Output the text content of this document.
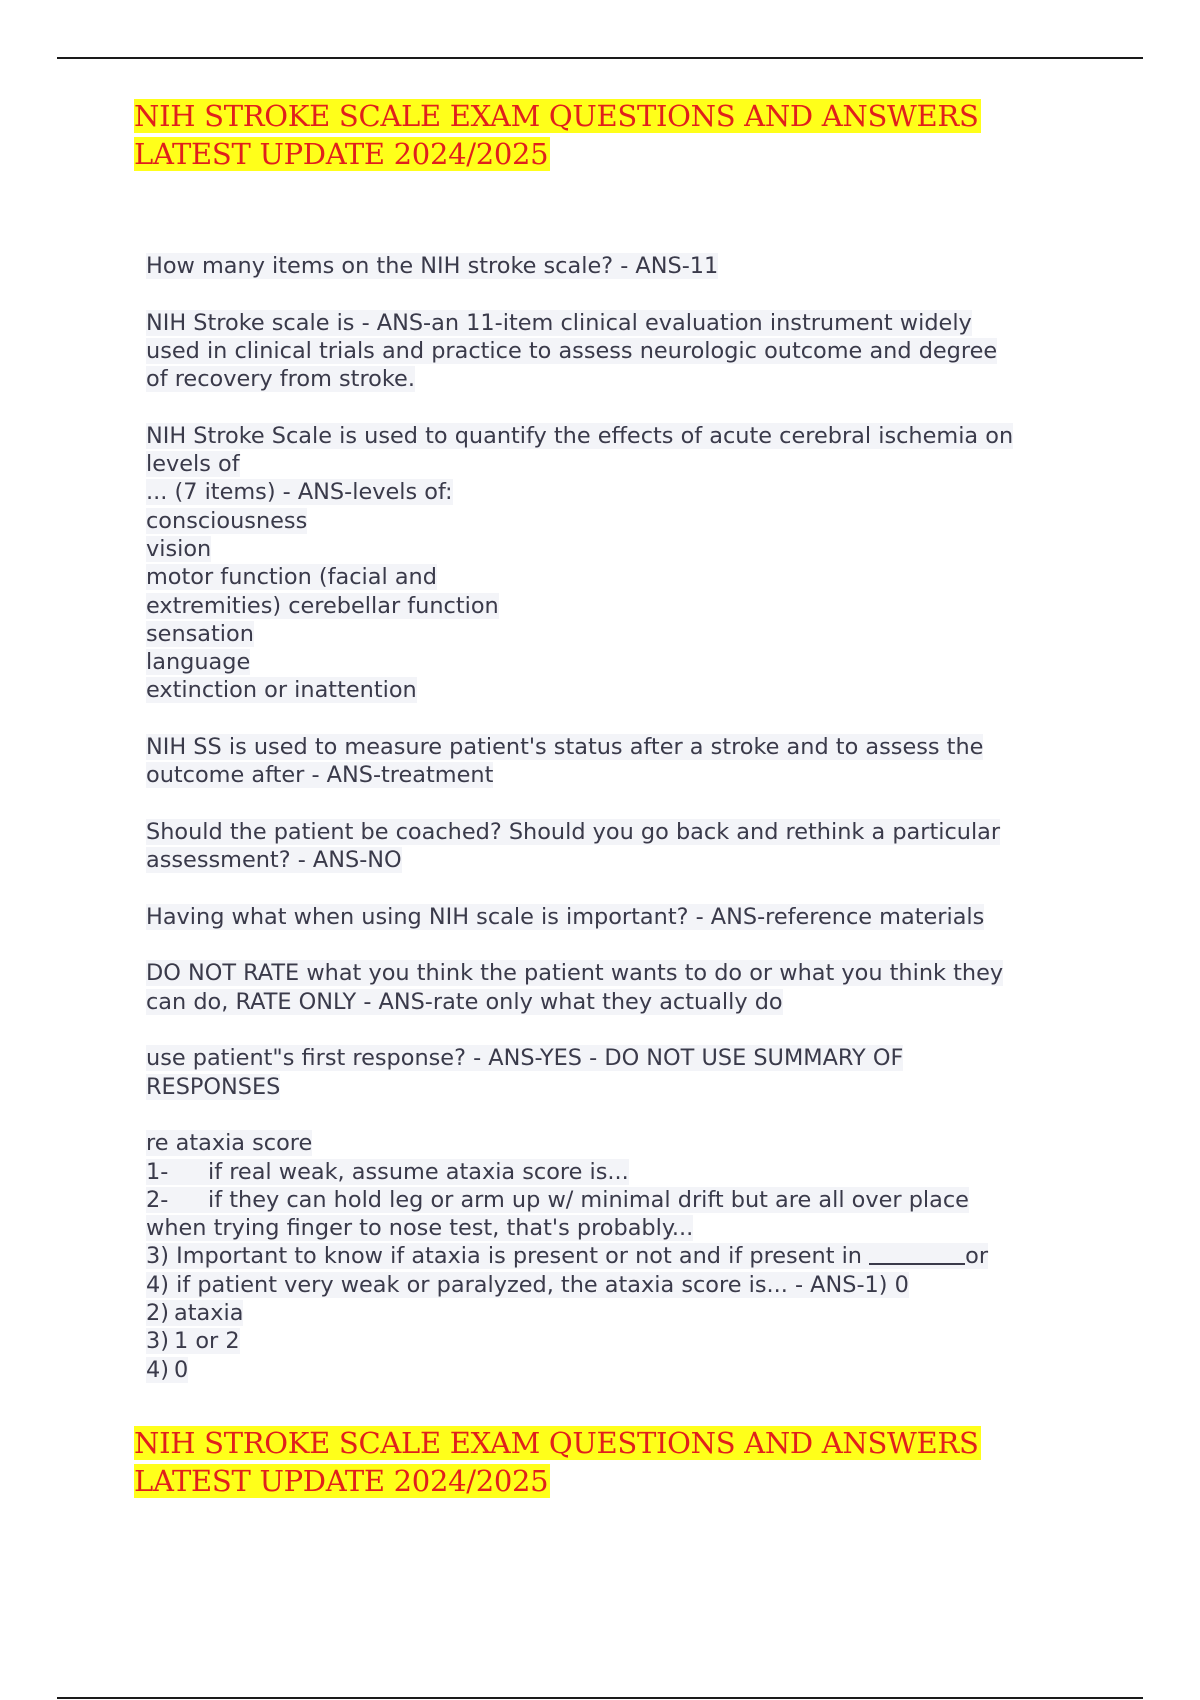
NIH STROKE SCALE EXAM QUESTIONS AND ANSWERS LATEST UPDATE 2024/2025
How many items on the NIH stroke scale? - ANS-11
NIH Stroke scale is - ANS-an 11-item clinical evaluation instrument widely
used in clinical trials and practice to assess neurologic outcome and degree
of recovery from stroke.
NIH Stroke Scale is used to quantify the effects of acute cerebral ischemia on
levels of
... (7 items) - ANS-levels of:
consciousness
vision
motor function (facial and
extremities) cerebellar function
sensation
language
extinction or inattention
NIH SS is used to measure patient's status after a stroke and to assess the
outcome after - ANS-treatment
Should the patient be coached? Should you go back and rethink a particular
assessment? - ANS-NO
Having what when using NIH scale is important? - ANS-reference materials
DO NOT RATE what you think the patient wants to do or what you think they
can do, RATE ONLY - ANS-rate only what they actually do
use patient"s first response? - ANS-YES - DO NOT USE SUMMARY OF
RESPONSES
re ataxia score
1- if real weak, assume ataxia score is...
2- if they can hold leg or arm up w/ minimal drift but are all over place
when trying finger to nose test, that's probably...
3) Important to know if ataxia is present or not and if present in	or
4) if patient very weak or paralyzed, the ataxia score is... - ANS-1) 0
2) ataxia
3) 1 or 2
4) 0
NIH STROKE SCALE EXAM QUESTIONS AND ANSWERS LATEST UPDATE 2024/2025
